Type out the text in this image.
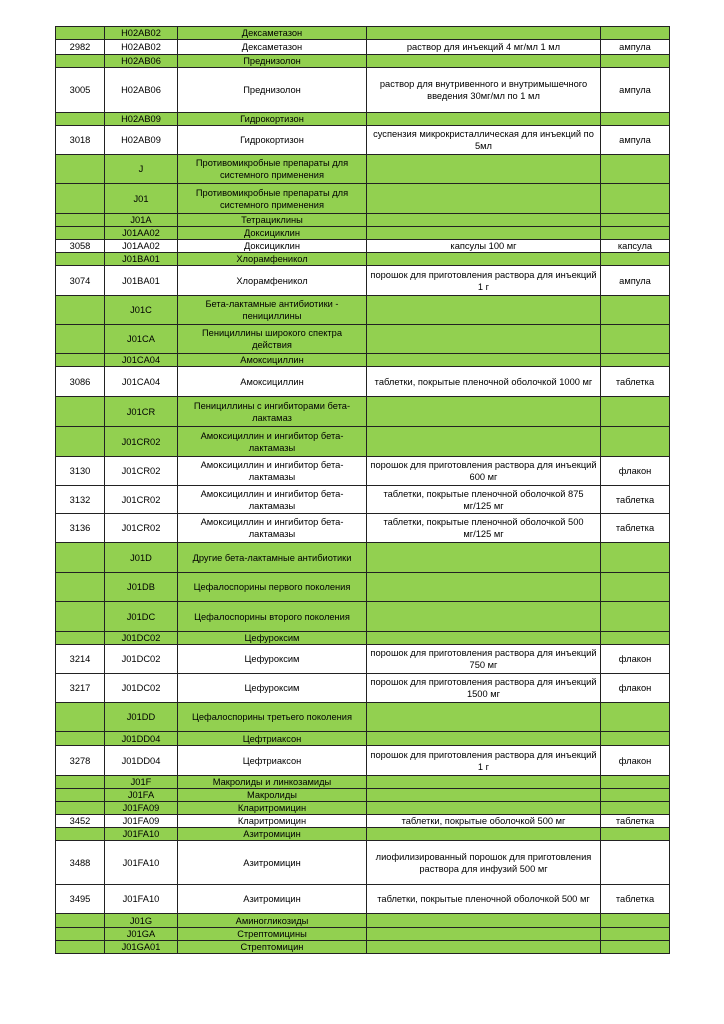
	H02AB02	Дексаметазон		
2982	H02AB02	Дексаметазон	раствор для инъекций 4 мг/мл 1 мл	ампула
	H02AB06	Преднизолон		
3005	H02AB06	Преднизолон	раствор для внутривенного и внутримышечного введения 30мг/мл по 1 мл	ампула
	H02AB09	Гидрокортизон		
3018	H02AB09	Гидрокортизон	суспензия микрокристаллическая для инъекций по 5мл	ампула
	J	Противомикробные препараты для системного применения		
	J01	Противомикробные препараты для системного применения		
	J01A	Тетрациклины		
	J01AA02	Доксициклин		
3058	J01AA02	Доксициклин	капсулы 100 мг	капсула
	J01BA01	Хлорамфеникол		
3074	J01BA01	Хлорамфеникол	порошок для приготовления раствора для инъекций 1 г	ампула
	J01C	Бета-лактамные антибиотики - пенициллины		
	J01CA	Пенициллины широкого спектра действия		
	J01CA04	Амоксициллин		
3086	J01CA04	Амоксициллин	таблетки, покрытые пленочной оболочкой 1000 мг	таблетка
	J01CR	Пенициллины с ингибиторами бета-лактамаз		
	J01CR02	Амоксициллин и ингибитор бета-лактамазы		
3130	J01CR02	Амоксициллин и ингибитор бета-лактамазы	порошок для приготовления раствора для инъекций 600 мг	флакон
3132	J01CR02	Амоксициллин и ингибитор бета-лактамазы	таблетки, покрытые пленочной оболочкой 875 мг/125 мг	таблетка
3136	J01CR02	Амоксициллин и ингибитор бета-лактамазы	таблетки, покрытые пленочной оболочкой 500 мг/125 мг	таблетка
	J01D	Другие бета-лактамные антибиотики		
	J01DB	Цефалоспорины первого поколения		
	J01DC	Цефалоспорины второго поколения		
	J01DC02	Цефуроксим		
3214	J01DC02	Цефуроксим	порошок для приготовления раствора для инъекций 750 мг	флакон
3217	J01DC02	Цефуроксим	порошок для приготовления раствора для инъекций 1500 мг	флакон
	J01DD	Цефалоспорины третьего поколения		
	J01DD04	Цефтриаксон		
3278	J01DD04	Цефтриаксон	порошок для приготовления раствора для инъекций 1 г	флакон
	J01F	Макролиды и линкозамиды		
	J01FA	Макролиды		
	J01FA09	Кларитромицин		
3452	J01FA09	Кларитромицин	таблетки, покрытые оболочкой 500 мг	таблетка
	J01FA10	Азитромицин		
3488	J01FA10	Азитромицин	лиофилизированный порошок для приготовления раствора для инфузий 500 мг	
3495	J01FA10	Азитромицин	таблетки, покрытые пленочной оболочкой 500 мг	таблетка
	J01G	Аминогликозиды		
	J01GA	Стрептомицины		
	J01GA01	Стрептомицин		
